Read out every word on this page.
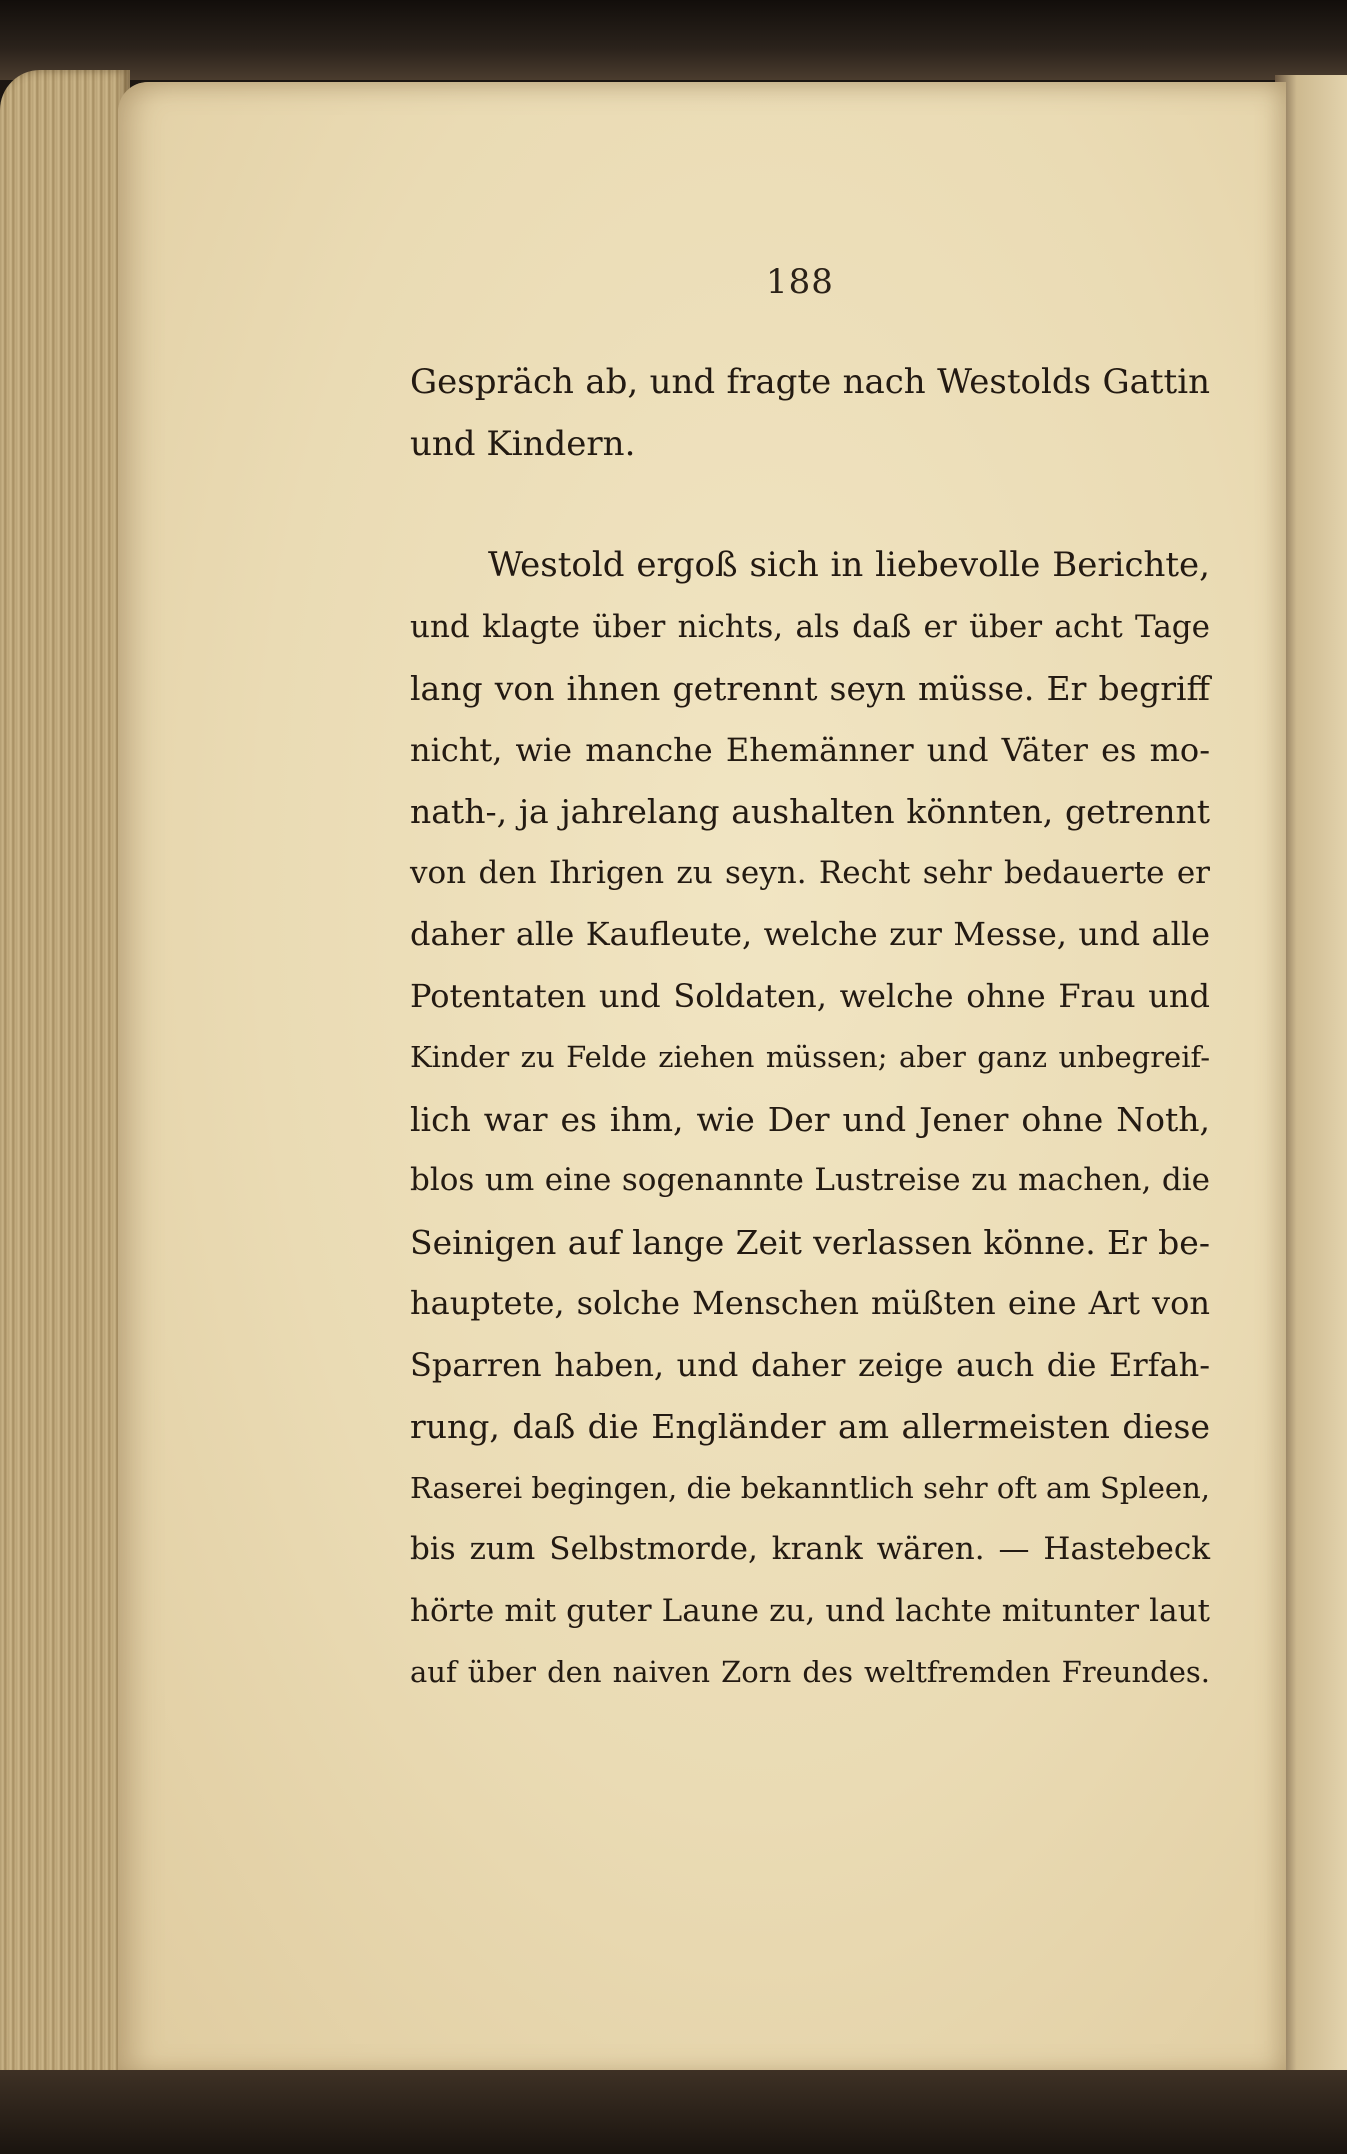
188
Gespräch ab, und fragte nach Westolds Gattin
und Kindern.
Westold ergoß sich in liebevolle Berichte,
und klagte über nichts, als daß er über acht Tage
lang von ihnen getrennt seyn müsse. Er begriff
nicht, wie manche Ehemänner und Väter es mo-
nath-, ja jahrelang aushalten könnten, getrennt
von den Ihrigen zu seyn. Recht sehr bedauerte er
daher alle Kaufleute, welche zur Messe, und alle
Potentaten und Soldaten, welche ohne Frau und
Kinder zu Felde ziehen müssen; aber ganz unbegreif-
lich war es ihm, wie Der und Jener ohne Noth,
blos um eine sogenannte Lustreise zu machen, die
Seinigen auf lange Zeit verlassen könne. Er be-
hauptete, solche Menschen müßten eine Art von
Sparren haben, und daher zeige auch die Erfah-
rung, daß die Engländer am allermeisten diese
Raserei begingen, die bekanntlich sehr oft am Spleen,
bis zum Selbstmorde, krank wären. — Hastebeck
hörte mit guter Laune zu, und lachte mitunter laut
auf über den naiven Zorn des weltfremden Freundes.
